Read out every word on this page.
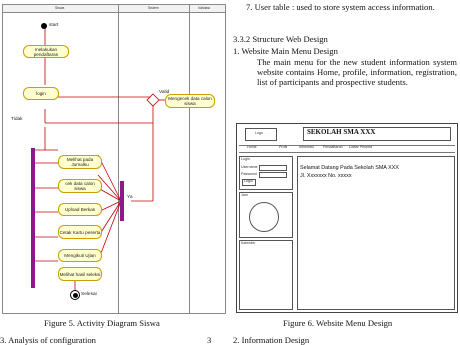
Siswa	Sistem	Validasi
start
melakukan pendaftaran
login
Mengecek data calon siswa
Valid
Tidak
Melihat pada Jurnalku
cek data calon siswa
Upload Berkas
Cetak Kartu peserta
Mengikuti Ujian
Melihat hasil seleksi
Ya
Selesai
Figure 5. Activity Diagram Siswa
7. User table : used to store system access information.
3.3.2 Structure Web Design
1. Website Main Menu Design
The main menu for the new student information system website contains Home, profile, information, registration, list of participants and prospective students.
Logo	SEKOLAH SMA XXX
Home	Profil	Informasi	Pendaftaran Daftar Peserta
Login
Username
Password
Login
Jam
Kalender
Selamat Datang Pada Sekolah SMA XXX
Jl. Xxxxxxx No. xxxxx
Figure 6. Website Menu Design
3. Analysis of configuration	3	2. Information Design
